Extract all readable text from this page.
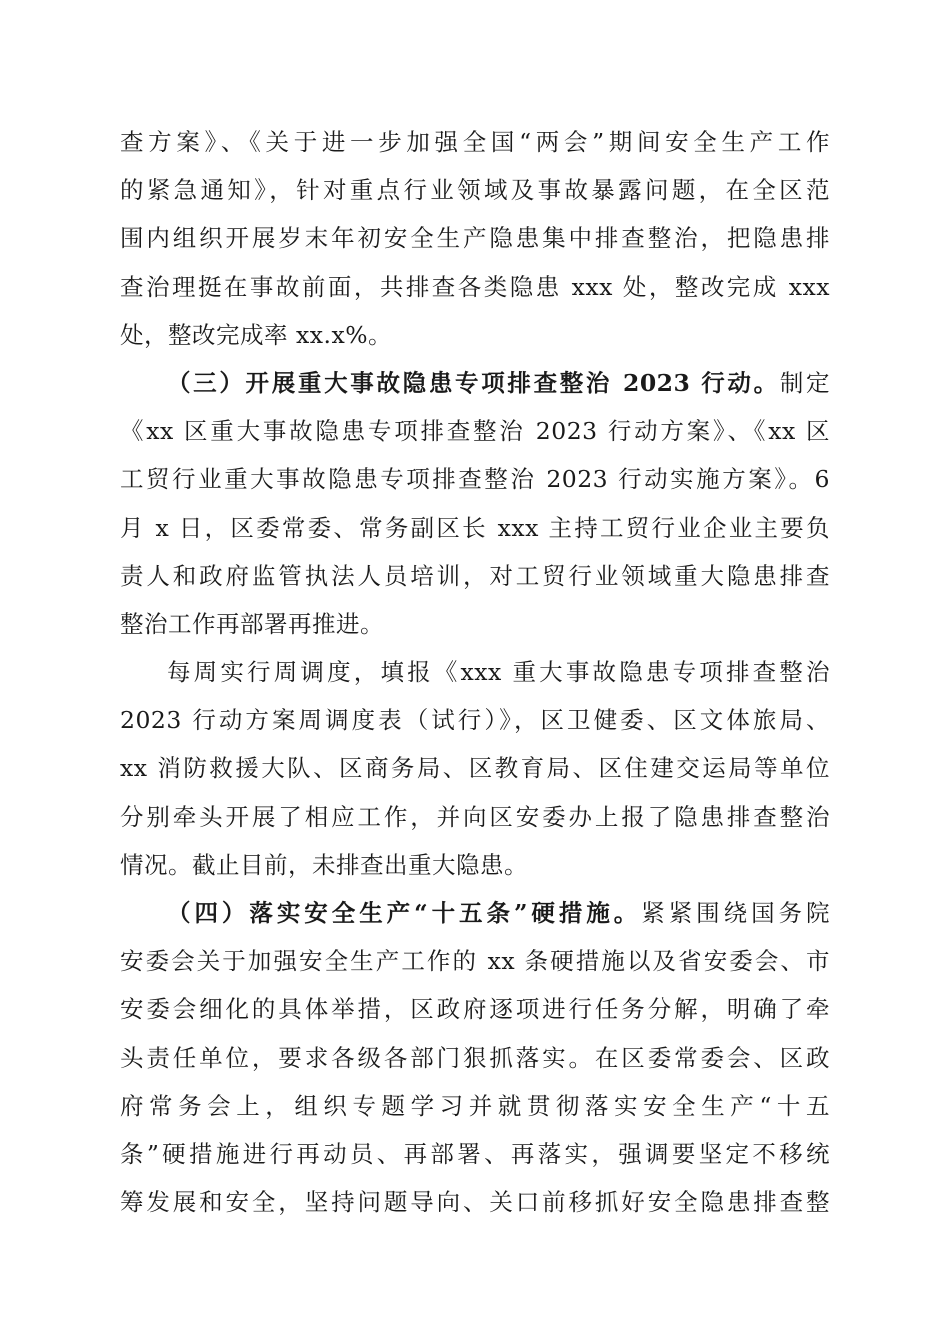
查方案》、《关于进一步加强全国“两会”期间安全生产工作
的紧急通知》，针对重点行业领域及事故暴露问题，在全区范
围内组织开展岁末年初安全生产隐患集中排查整治，把隐患排
查治理挺在事故前面，共排查各类隐患 xxx 处，整改完成 xxx
处，整改完成率 xx.x%。
（三）开展重大事故隐患专项排查整治 2023 行动。制定
《xx 区重大事故隐患专项排查整治 2023 行动方案》、《xx 区
工贸行业重大事故隐患专项排查整治 2023 行动实施方案》。6
月 x 日，区委常委、常务副区长 xxx 主持工贸行业企业主要负
责人和政府监管执法人员培训，对工贸行业领域重大隐患排查
整治工作再部署再推进。
每周实行周调度，填报《xxx 重大事故隐患专项排查整治
2023 行动方案周调度表（试行）》，区卫健委、区文体旅局、
xx 消防救援大队、区商务局、区教育局、区住建交运局等单位
分别牵头开展了相应工作，并向区安委办上报了隐患排查整治
情况。截止目前，未排查出重大隐患。
（四）落实安全生产“十五条”硬措施。紧紧围绕国务院
安委会关于加强安全生产工作的 xx 条硬措施以及省安委会、市
安委会细化的具体举措，区政府逐项进行任务分解，明确了牵
头责任单位，要求各级各部门狠抓落实。在区委常委会、区政
府常务会上，组织专题学习并就贯彻落实安全生产“十五
条”硬措施进行再动员、再部署、再落实，强调要坚定不移统
筹发展和安全，坚持问题导向、关口前移抓好安全隐患排查整
